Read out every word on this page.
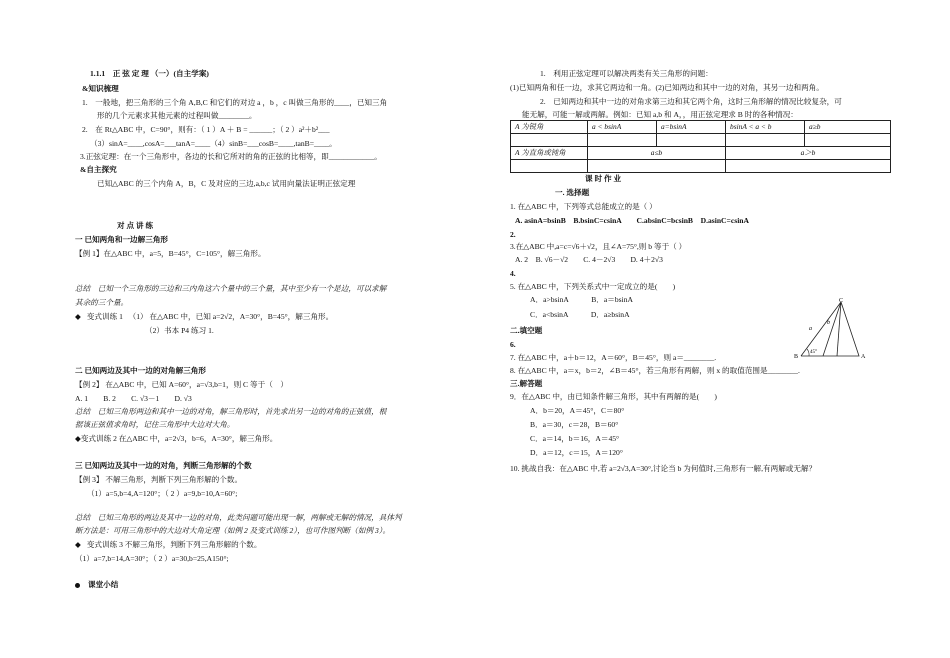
1.1.1　正 弦 定 理 （一）(自主学案)
&知识梳理
1.　一般地，把三角形的三个角 A,B,C 和它们的对边 a ，b ，c 叫做三角形的____，已知三角
形的几个元素求其他元素的过程叫做________。
2.　在 Rt△ABC 中，C=90°，则有：（ 1 ）A ＋ B = ______；（ 2 ）a²＋b²___
（3）sinA=____,cosA=___tanA=____（4）sinB=___cosB=____,tanB=____。
3.正弦定理：在一个三角形中，各边的长和它所对的角的正弦的比相等，即____________。
&自主探究
已知△ABC 的三个内角 A，B，C 及对应的三边,a,b,c 试用向量法证明正弦定理
对 点 讲 练
一 已知两角和一边解三角形
【例 1】在△ABC 中，a=5，B=45°，C=105°，解三角形。
总结　已知一个三角形的三边和三内角这六个量中的三个量，其中至少有一个是边，可以求解
其余的三个量。
◆ 变式训练 1 　（1） 在△ABC 中，已知 a=2√2，A=30°，B=45°，解三角形。
（2）书本 P4 练习 1.
二 已知两边及其中一边的对角解三角形
【例 2】 在△ABC 中，已知 A=60°，a=√3,b=1，则 C 等于（　）
A. 1　　B. 2　　C. √3－1　　D. √3
总结　已知三角形两边和其中一边的对角，解三角形时，首先求出另一边的对角的正弦值，根
据该正弦值求角时，记住三角形中大边对大角。
◆变式训练 2 在△ABC 中，a=2√3，b=6，A=30°，解三角形。
三 已知两边及其中一边的对角，判断三角形解的个数
【例 3】 不解三角形，判断下列三角形解的个数。
（1）a=5,b=4,A=120°；（ 2 ）a=9,b=10,A=60°;
总结　已知三角形的两边及其中一边的对角，此类问题可能出现一解，两解或无解的情况，具体判
断方法是：可用三角形中的大边对大角定理（如例 2 及变式训练 2），也可作图判断（如例 3）。
◆ 变式训练 3 不解三角形，判断下列三角形解的个数。
（1）a=7,b=14,A=30°；（ 2 ）a=30,b=25,A150°;
课堂小结
1.　利用正弦定理可以解决两类有关三角形的问题：
(1)已知两角和任一边，求其它两边和一角。(2)已知两边和其中一边的对角，其另一边和两角。
2.　已知两边和其中一边的对角求第三边和其它两个角，这时三角形解的情况比较复杂，可
能无解，可能一解或两解。例如：已知 a,b 和 A，，用正弦定理求 B 时的各种情况：
A 为锐角	a < bsinA	a=bsinA	bsinA < a < b	a≥b

A 为直角或钝角	a≤b		a＞b	

课 时 作 业
一. 选择题
1. 在△ABC 中，下列等式总能成立的是（ ）
A. asinA=bsinB　B.bsinC=csinA　　C.absinC=bcsinB　D.asinC=csinA
2.
3.在△ABC 中,a=c=√6＋√2，且∠A=75°,则 b 等于（ ）
A. 2　B. √6－√2　　C. 4－2√3　　D. 4＋2√3
4.
5. 在△ABC 中，下列关系式中一定成立的是(　　)
A．a>bsinA　　　B．a＝bsinA
C．a<bsinA　　　D．a≥bsinA
二.填空题
6.
7. 在△ABC 中，a＋b＝12，A＝60°，B＝45°，则 a＝________.
8. 在△ABC 中，a＝x，b＝2，∠B＝45°，若三角形有两解，则 x 的取值范围是________.
三.解答题
9．在△ABC 中，由已知条件解三角形，其中有两解的是(　　)
A．b＝20，A＝45°，C＝80°
B．a＝30，c＝28，B＝60°
C．a＝14，b＝16，A＝45°
D．a＝12，c＝15，A＝120°
10. 挑战自我：在△ABC 中,若 a=2√3,A=30°,讨论当 b 为何值时,三角形有一解,有两解或无解？
C
b
a
B
45°
A
